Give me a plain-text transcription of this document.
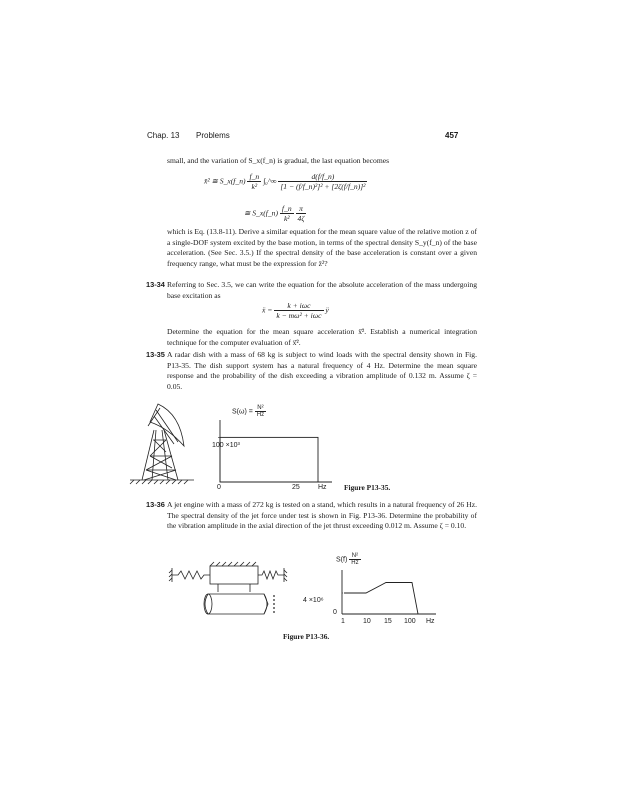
Chap. 13 Problems	457
small, and the variation of S_x(f_n) is gradual, the last equation becomes
x̄² ≅ S_x(f_n) $\frac{f\_n}{\text{k²}}$ ∫₀^∞ $\frac{d(f/f\_n)}{\text{[1 − (f/f\_n)²]² + [2ζ(f/f\_n)]²}}$
≅ S_x(f_n) $\frac{f\_n}{\text{k²}}$
$\frac{\pi}{4\zeta}$
which is Eq. (13.8-11). Derive a similar equation for the mean square value of the relative motion z of a single-DOF system excited by the base motion, in terms of the spectral density S_y(f_n) of the base acceleration. (See Sec. 3.5.) If the spectral density of the base acceleration is constant over a given frequency range, what must be the expression for z̄²?
13-34 Referring to Sec. 3.5, we can write the equation for the absolute acceleration of the mass undergoing base excitation as
ẍ = $\frac{\text{k + iωc}}{\text{k − mω² + iωc}}$ ÿ
Determine the equation for the mean square acceleration ẍ̄². Establish a numerical integration technique for the computer evaluation of ẍ̄².
13-35 A radar dish with a mass of 68 kg is subject to wind loads with the spectral density shown in Fig. P13-35. The dish support system has a natural frequency of 4 Hz. Determine the mean square response and the probability of the dish exceeding a vibration amplitude of 0.132 m. Assume ζ = 0.05.
$S(\omega) = \frac{\text{N²}}{Hz}$
100 ×10³
0	25	Hz Figure P13-35.
13-36 A jet engine with a mass of 272 kg is tested on a stand, which results in a natural frequency of 26 Hz. The spectral density of the jet force under test is shown in Fig. P13-36. Determine the probability of the vibration amplitude in the axial direction of the jet thrust exceeding 0.012 m. Assume ζ = 0.10.
$S(f) \frac{\text{N²}}{Hz}$
4 ×10⁶
0
1	10 15 100 Hz
Figure P13-36.
